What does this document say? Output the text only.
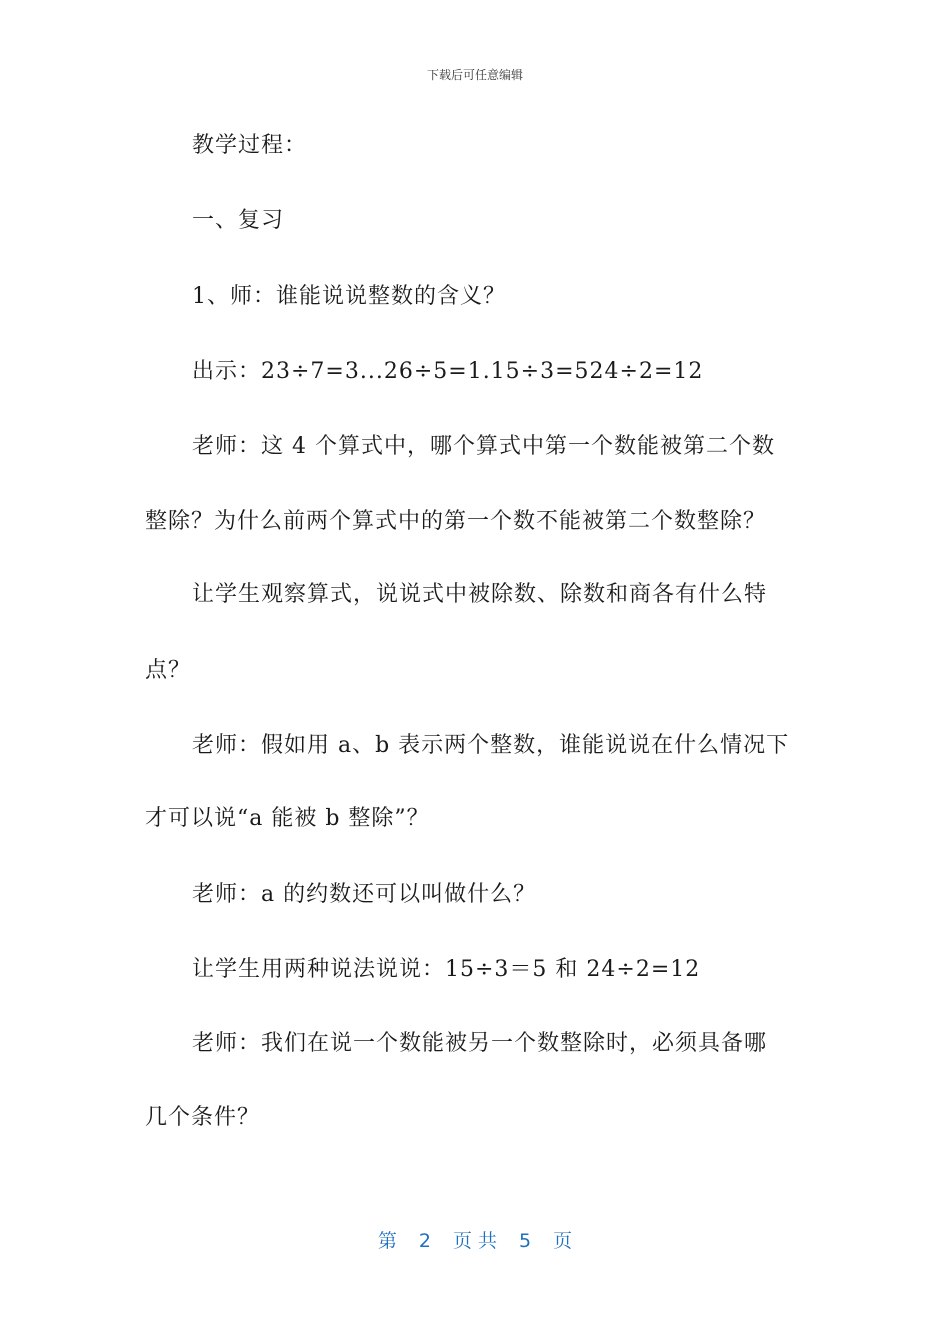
下载后可任意编辑
教学过程：
一、复习
1、师：谁能说说整数的含义？
出示：23÷7=3...26÷5=1.15÷3=524÷2=12
老师：这 4 个算式中，哪个算式中第一个数能被第二个数
整除？为什么前两个算式中的第一个数不能被第二个数整除？
让学生观察算式，说说式中被除数、除数和商各有什么特
点？
老师：假如用 a、b 表示两个整数，谁能说说在什么情况下
才可以说“a 能被 b 整除”？
老师：a 的约数还可以叫做什么？
让学生用两种说法说说：15÷3＝5 和 24÷2=12
老师：我们在说一个数能被另一个数整除时，必须具备哪
几个条件？
第 2 页 共 5 页
